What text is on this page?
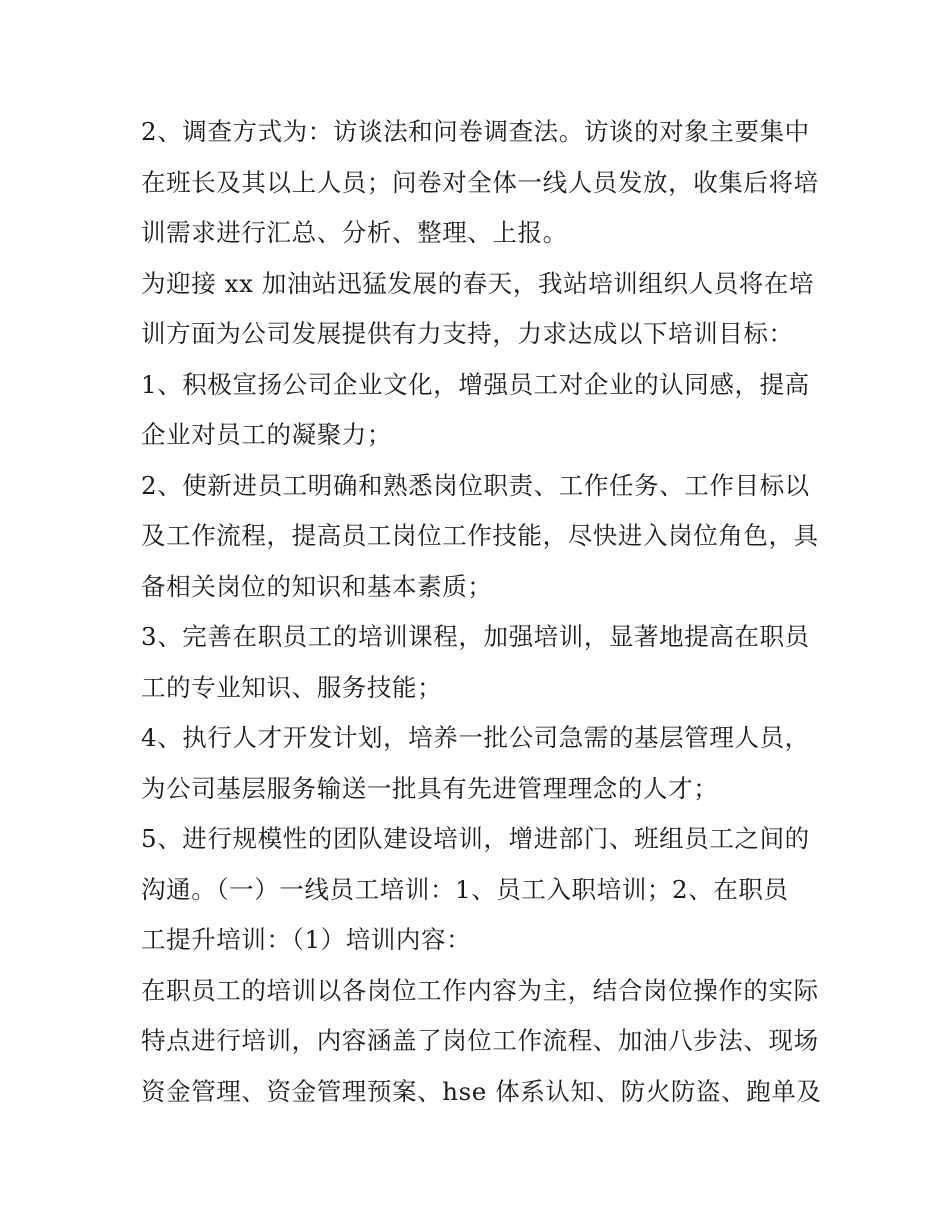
2、调查方式为：访谈法和问卷调查法。访谈的对象主要集中
在班长及其以上人员；问卷对全体一线人员发放，收集后将培
训需求进行汇总、分析、整理、上报。

为迎接 xx 加油站迅猛发展的春天，我站培训组织人员将在培
训方面为公司发展提供有力支持，力求达成以下培训目标：

1、积极宣扬公司企业文化，增强员工对企业的认同感，提高
企业对员工的凝聚力；

2、使新进员工明确和熟悉岗位职责、工作任务、工作目标以
及工作流程，提高员工岗位工作技能，尽快进入岗位角色，具
备相关岗位的知识和基本素质；

3、完善在职员工的培训课程，加强培训，显著地提高在职员
工的专业知识、服务技能；

4、执行人才开发计划，培养一批公司急需的基层管理人员，
为公司基层服务输送一批具有先进管理理念的人才；

5、进行规模性的团队建设培训，增进部门、班组员工之间的
沟通。（一）一线员工培训：1、员工入职培训；2、在职员
工提升培训：（1）培训内容：

在职员工的培训以各岗位工作内容为主，结合岗位操作的实际
特点进行培训，内容涵盖了岗位工作流程、加油八步法、现场
资金管理、资金管理预案、hse 体系认知、防火防盗、跑单及
